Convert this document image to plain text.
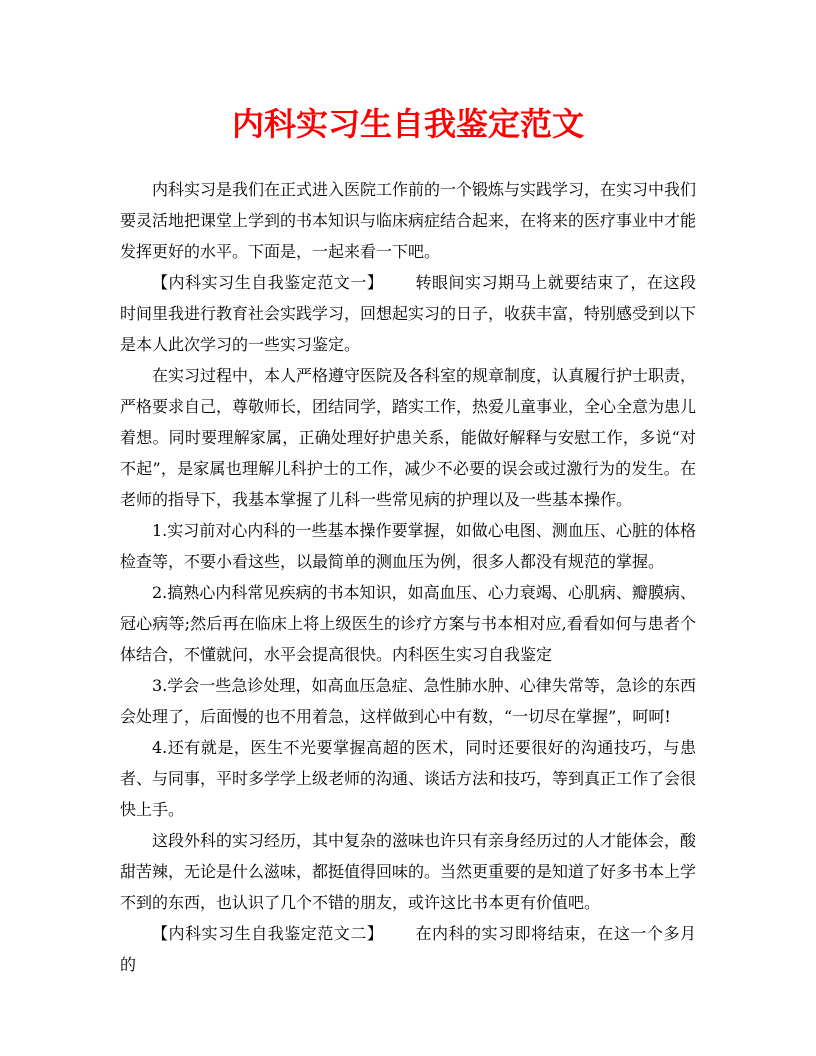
内科实习生自我鉴定范文

内科实习是我们在正式进入医院工作前的一个锻炼与实践学习，在实习中我们要灵活地把课堂上学到的书本知识与临床病症结合起来，在将来的医疗事业中才能发挥更好的水平。下面是，一起来看一下吧。

【内科实习生自我鉴定范文一】 转眼间实习期马上就要结束了，在这段时间里我进行教育社会实践学习，回想起实习的日子，收获丰富，特别感受到以下是本人此次学习的一些实习鉴定。

在实习过程中，本人严格遵守医院及各科室的规章制度，认真履行护士职责，严格要求自己，尊敬师长，团结同学，踏实工作，热爱儿童事业，全心全意为患儿着想。同时要理解家属，正确处理好护患关系，能做好解释与安慰工作，多说“对不起”，是家属也理解儿科护士的工作，减少不必要的误会或过激行为的发生。在老师的指导下，我基本掌握了儿科一些常见病的护理以及一些基本操作。

1.实习前对心内科的一些基本操作要掌握，如做心电图、测血压、心脏的体格检查等，不要小看这些，以最简单的测血压为例，很多人都没有规范的掌握。

2.搞熟心内科常见疾病的书本知识，如高血压、心力衰竭、心肌病、瓣膜病、冠心病等;然后再在临床上将上级医生的诊疗方案与书本相对应,看看如何与患者个体结合，不懂就问，水平会提高很快。内科医生实习自我鉴定

3.学会一些急诊处理，如高血压急症、急性肺水肿、心律失常等，急诊的东西会处理了，后面慢的也不用着急，这样做到心中有数，“一切尽在掌握”，呵呵!

4.还有就是，医生不光要掌握高超的医术，同时还要很好的沟通技巧，与患者、与同事，平时多学学上级老师的沟通、谈话方法和技巧，等到真正工作了会很快上手。

这段外科的实习经历，其中复杂的滋味也许只有亲身经历过的人才能体会，酸甜苦辣，无论是什么滋味，都挺值得回味的。当然更重要的是知道了好多书本上学不到的东西，也认识了几个不错的朋友，或许这比书本更有价值吧。

【内科实习生自我鉴定范文二】 在内科的实习即将结束，在这一个多月的
